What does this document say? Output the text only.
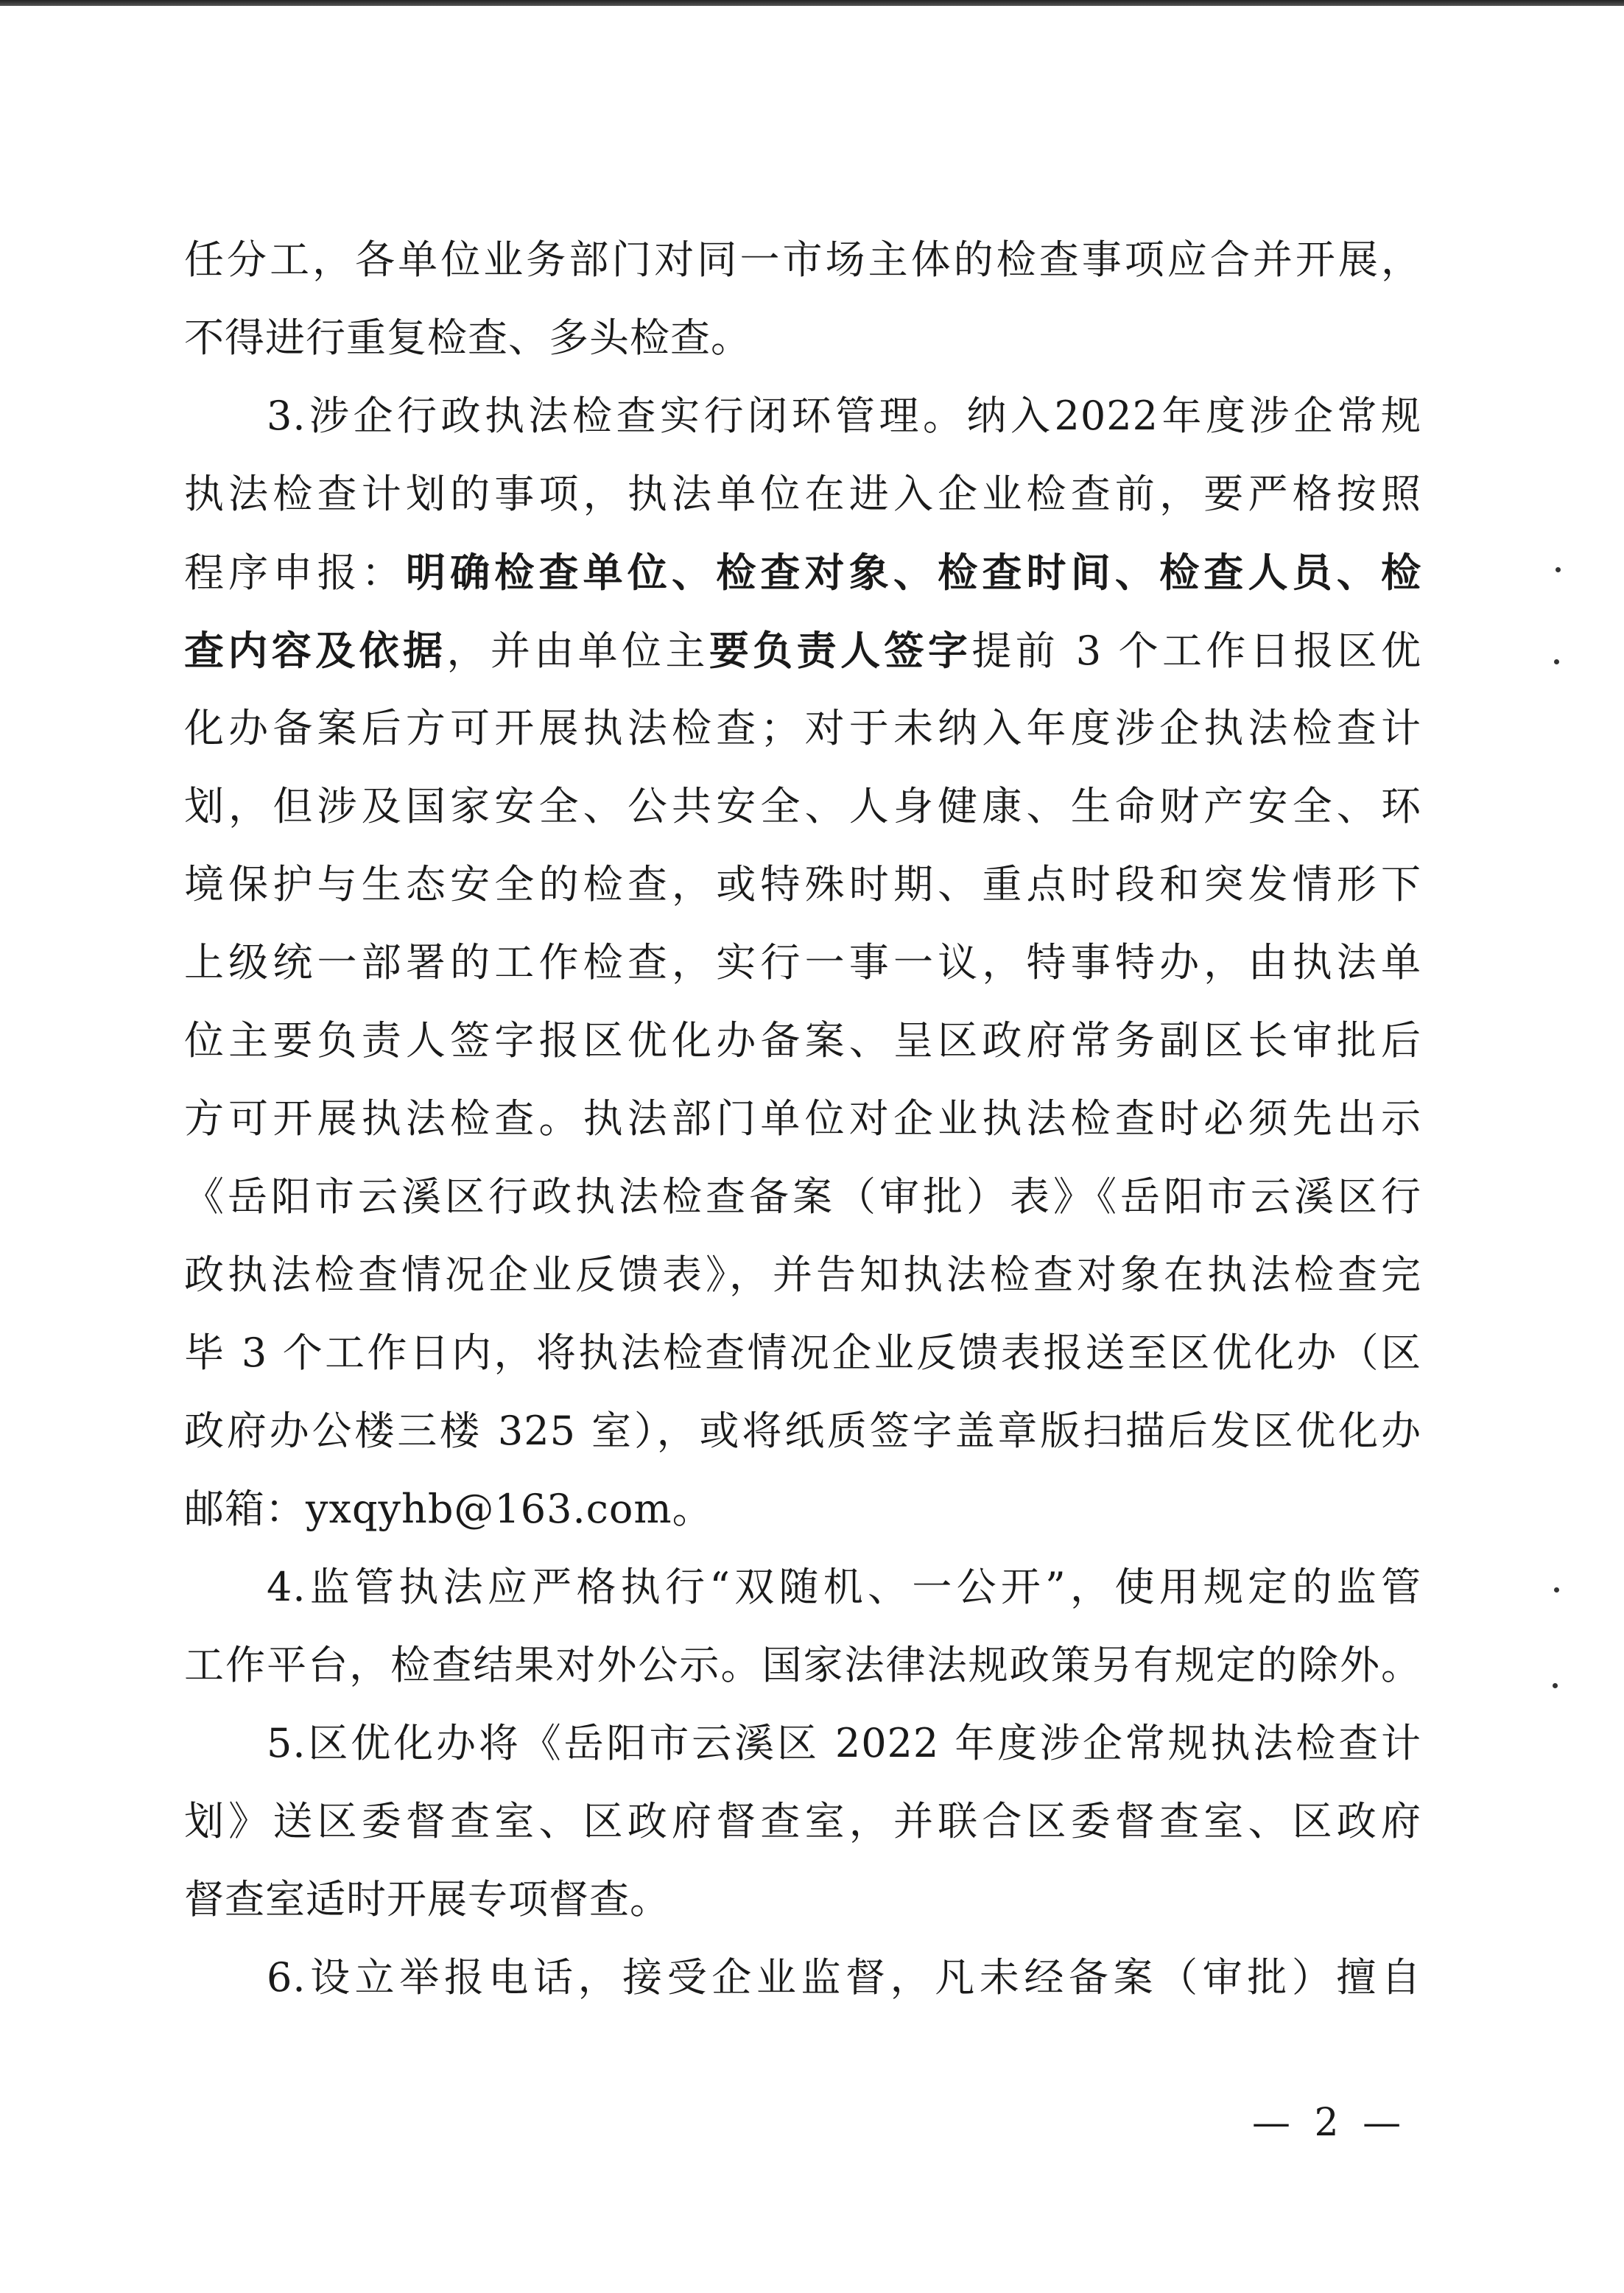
任分工，各单位业务部门对同一市场主体的检查事项应合并开展，
不得进行重复检查、多头检查。
3.涉企行政执法检查实行闭环管理。纳入2022年度涉企常规
执法检查计划的事项，执法单位在进入企业检查前，要严格按照
程序申报：明确检查单位、检查对象、检查时间、检查人员、检
查内容及依据，并由单位主要负责人签字提前 3 个工作日报区优
化办备案后方可开展执法检查；对于未纳入年度涉企执法检查计
划，但涉及国家安全、公共安全、人身健康、生命财产安全、环
境保护与生态安全的检查，或特殊时期、重点时段和突发情形下
上级统一部署的工作检查，实行一事一议，特事特办，由执法单
位主要负责人签字报区优化办备案、呈区政府常务副区长审批后
方可开展执法检查。执法部门单位对企业执法检查时必须先出示
《岳阳市云溪区行政执法检查备案（审批）表》《岳阳市云溪区行
政执法检查情况企业反馈表》，并告知执法检查对象在执法检查完
毕 3 个工作日内，将执法检查情况企业反馈表报送至区优化办（区
政府办公楼三楼 325 室），或将纸质签字盖章版扫描后发区优化办
邮箱：yxqyhb@163.com。
4.监管执法应严格执行“双随机、一公开”，使用规定的监管
工作平台，检查结果对外公示。国家法律法规政策另有规定的除外。
5.区优化办将《岳阳市云溪区 2022 年度涉企常规执法检查计
划》送区委督查室、区政府督查室，并联合区委督查室、区政府
督查室适时开展专项督查。
6.设立举报电话，接受企业监督，凡未经备案（审批）擅自
— 2 —
